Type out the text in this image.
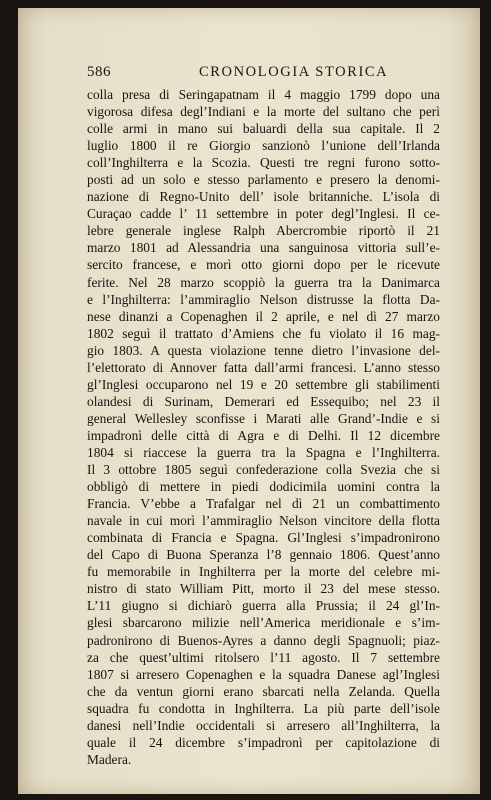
586	CRONOLOGIA STORICA
colla presa di Seringapatnam il 4 maggio 1799 dopo una
vigorosa difesa degl’Indiani e la morte del sultano che perì
colle armi in mano sui baluardi della sua capitale. Il 2
luglio 1800 il re Giorgio sanzionò l’unione dell’Irlanda
coll’Inghilterra e la Scozia. Questi tre regni furono sotto-
posti ad un solo e stesso parlamento e presero la denomi-
nazione di Regno-Unito dell’ isole britanniche. L’isola di
Curaçao cadde l’ 11 settembre in poter degl’Inglesi. Il ce-
lebre generale inglese Ralph Abercrombie riportò il 21
marzo 1801 ad Alessandria una sanguinosa vittoria sull’e-
sercito francese, e morì otto giorni dopo per le ricevute
ferite. Nel 28 marzo scoppiò la guerra tra la Danimarca
e l’Inghilterra: l’ammiraglio Nelson distrusse la flotta Da-
nese dinanzi a Copenaghen il 2 aprile, e nel dì 27 marzo
1802 seguì il trattato d’Amiens che fu violato il 16 mag-
gio 1803. A questa violazione tenne dietro l’invasione del-
l’elettorato di Annover fatta dall’armi francesi. L’anno stesso
gl’Inglesi occuparono nel 19 e 20 settembre gli stabilimenti
olandesi di Surinam, Demerari ed Essequibo; nel 23 il
general Wellesley sconfisse i Marati alle Grand’-Indie e si
impadronì delle città di Agra e di Delhi. Il 12 dicembre
1804 si riaccese la guerra tra la Spagna e l’Inghilterra.
Il 3 ottobre 1805 seguì confederazione colla Svezia che si
obbligò di mettere in piedi dodicimila uomini contra la
Francia. V’ebbe a Trafalgar nel dì 21 un combattimento
navale in cui morì l’ammiraglio Nelson vincitore della flotta
combinata di Francia e Spagna. Gl’Inglesi s’impadronirono
del Capo di Buona Speranza l’8 gennaio 1806. Quest’anno
fu memorabile in Inghilterra per la morte del celebre mi-
nistro di stato William Pitt, morto il 23 del mese stesso.
L’11 giugno si dichiarò guerra alla Prussia; il 24 gl’In-
glesi sbarcarono milizie nell’America meridionale e s’im-
padronirono di Buenos-Ayres a danno degli Spagnuoli; piaz-
za che quest’ultimi ritolsero l’11 agosto. Il 7 settembre
1807 si arresero Copenaghen e la squadra Danese agl’Inglesi
che da ventun giorni erano sbarcati nella Zelanda. Quella
squadra fu condotta in Inghilterra. La più parte dell’isole
danesi nell’Indie occidentali si arresero all’Inghilterra, la
quale il 24 dicembre s’impadronì per capitolazione di
Madera.
